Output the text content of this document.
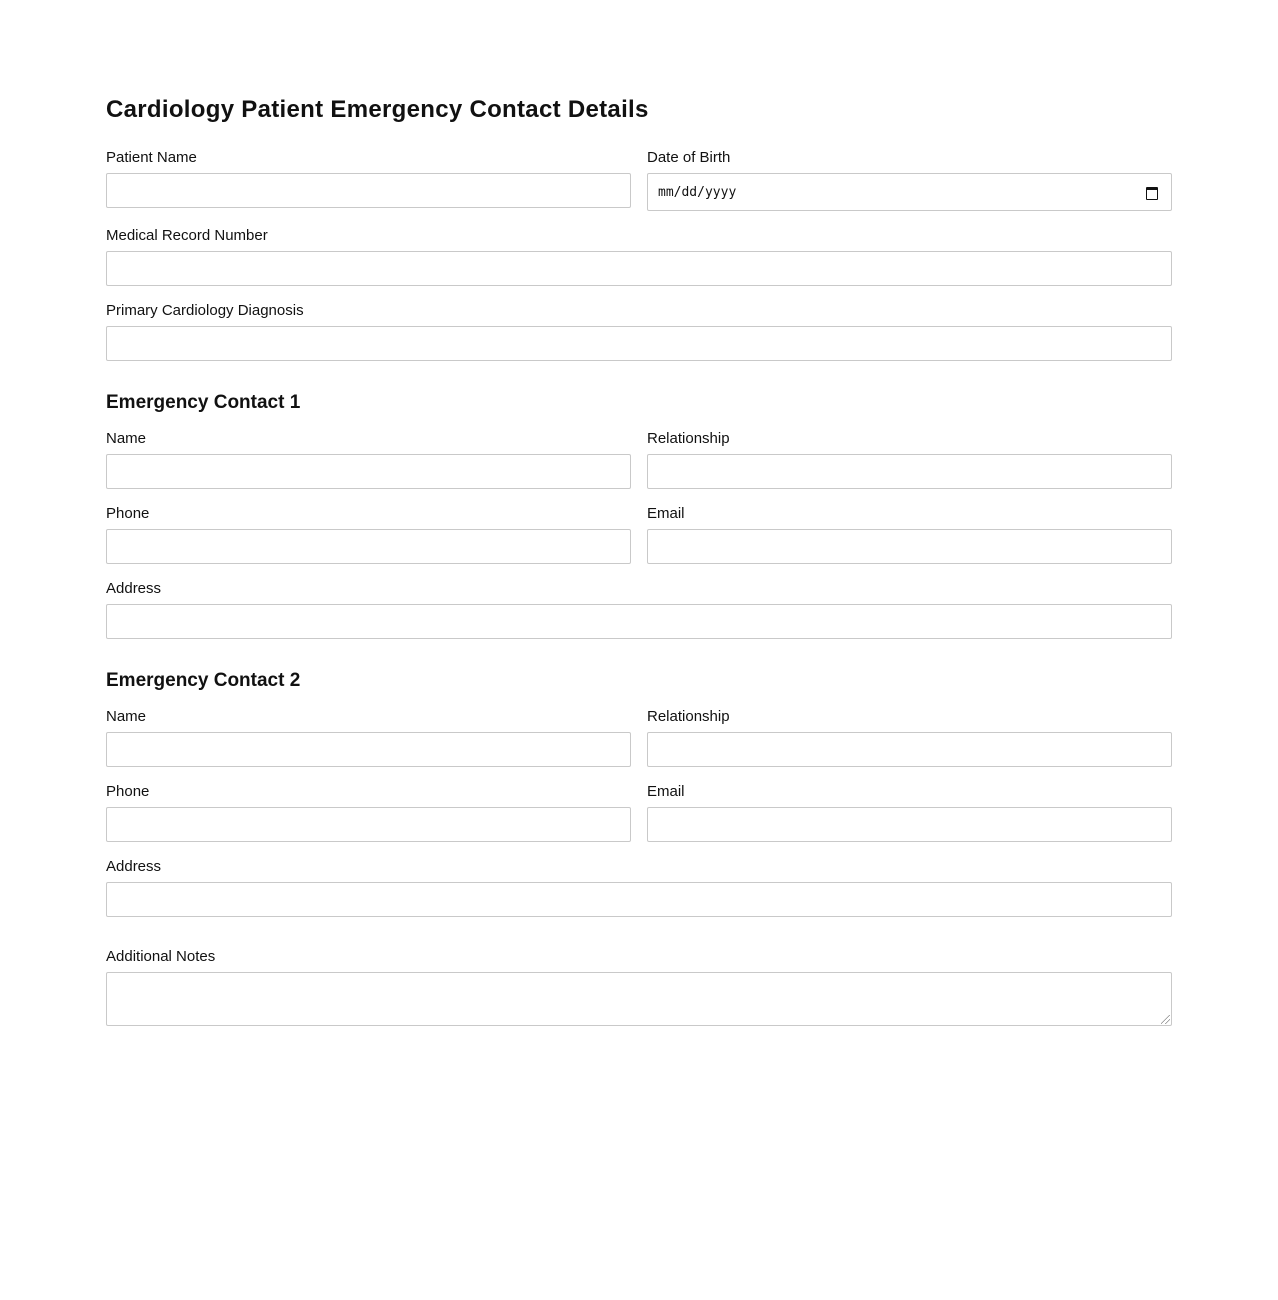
Cardiology Patient Emergency Contact Details
Patient Name	Date of Birth
mm/dd/yyyy
Medical Record Number
Primary Cardiology Diagnosis
Emergency Contact 1
Name	Relationship
Phone	Email
Address
Emergency Contact 2
Name	Relationship
Phone	Email
Address
Additional Notes
